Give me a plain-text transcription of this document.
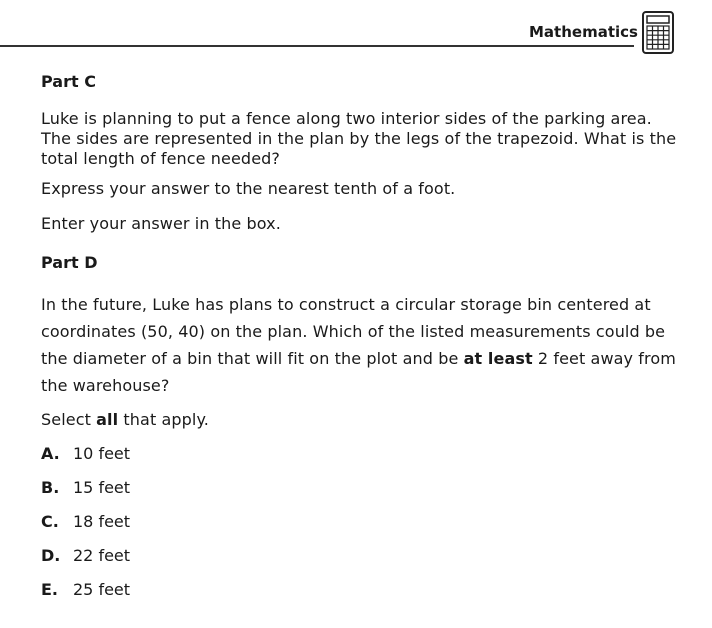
Mathematics
Part C
Luke is planning to put a fence along two interior sides of the parking area. The sides are represented in the plan by the legs of the trapezoid. What is the total length of fence needed?
Express your answer to the nearest tenth of a foot.
Enter your answer in the box.
Part D
In the future, Luke has plans to construct a circular storage bin centered at coordinates (50, 40) on the plan. Which of the listed measurements could be the diameter of a bin that will fit on the plot and be at least 2 feet away from the warehouse?
Select all that apply.
A. 10 feet
B. 15 feet
C. 18 feet
D. 22 feet
E. 25 feet
